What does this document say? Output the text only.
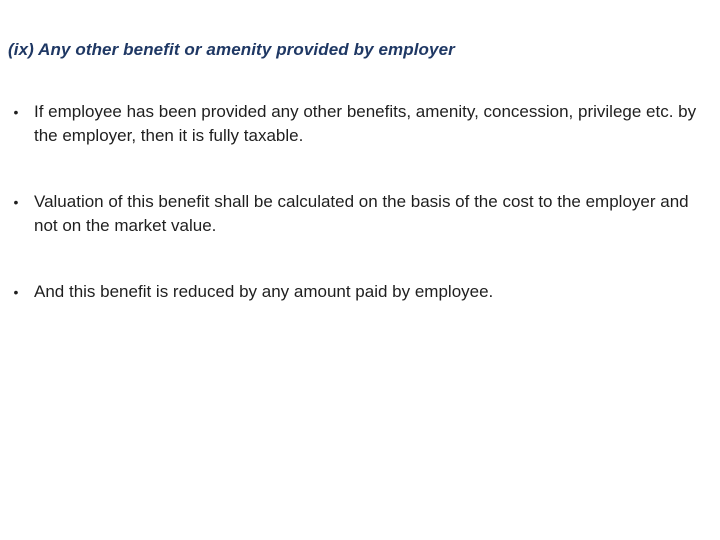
(ix) Any other benefit or amenity provided by employer
• If employee has been provided any other benefits, amenity, concession, privilege etc. by the employer, then it is fully taxable.
• Valuation of this benefit shall be calculated on the basis of the cost to the employer and not on the market value.
• And this benefit is reduced by any amount paid by employee.
